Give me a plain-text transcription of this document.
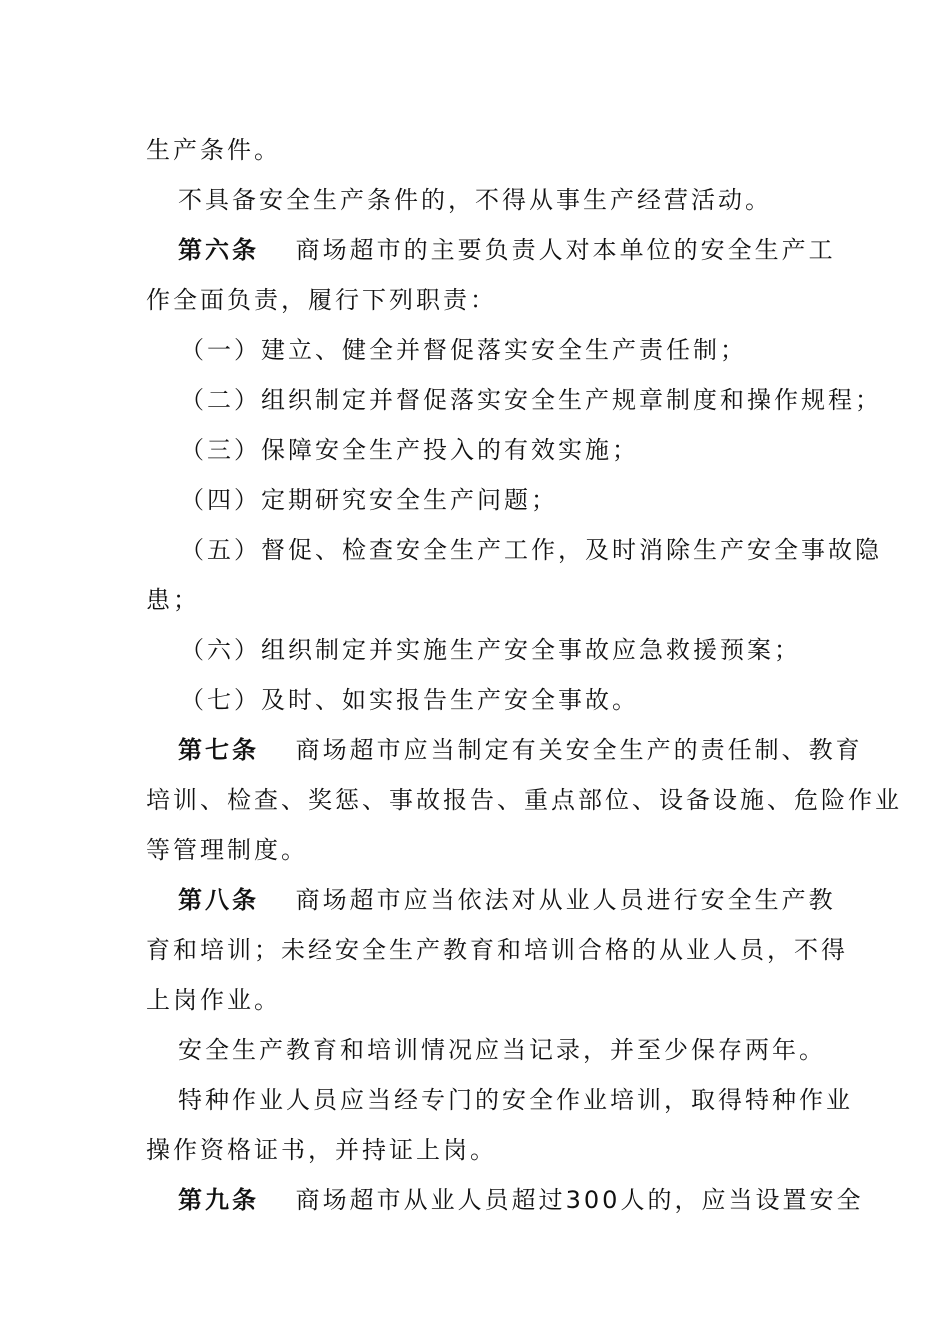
生产条件。
不具备安全生产条件的，不得从事生产经营活动。
第六条 商场超市的主要负责人对本单位的安全生产工
作全面负责，履行下列职责：
（一）建立、健全并督促落实安全生产责任制；
（二）组织制定并督促落实安全生产规章制度和操作规程；
（三）保障安全生产投入的有效实施；
（四）定期研究安全生产问题；
（五）督促、检查安全生产工作，及时消除生产安全事故隐
患；
（六）组织制定并实施生产安全事故应急救援预案；
（七）及时、如实报告生产安全事故。
第七条 商场超市应当制定有关安全生产的责任制、教育
培训、检查、奖惩、事故报告、重点部位、设备设施、危险作业
等管理制度。
第八条 商场超市应当依法对从业人员进行安全生产教
育和培训；未经安全生产教育和培训合格的从业人员，不得
上岗作业。
安全生产教育和培训情况应当记录，并至少保存两年。
特种作业人员应当经专门的安全作业培训，取得特种作业
操作资格证书，并持证上岗。
第九条 商场超市从业人员超过300人的，应当设置安全
